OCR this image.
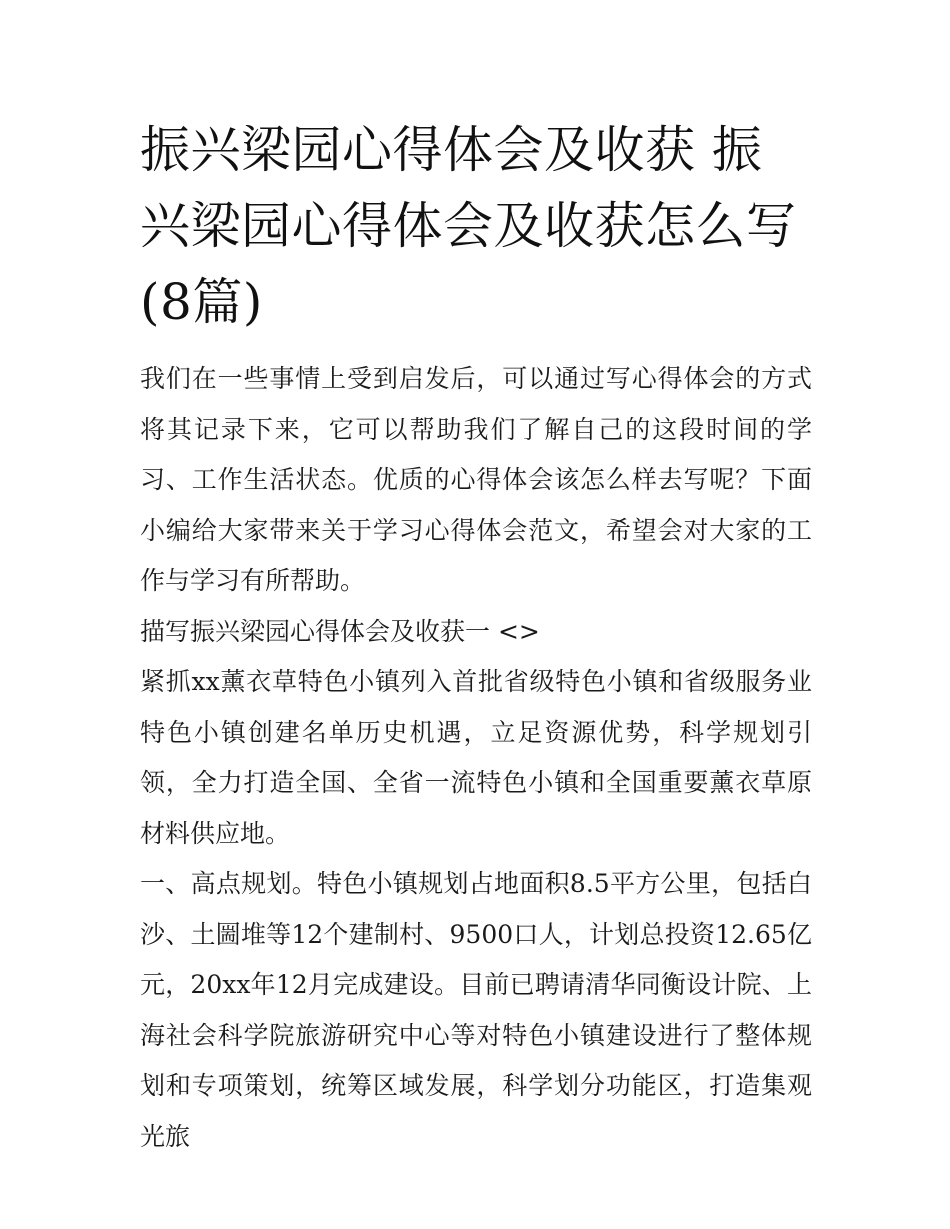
振兴梁园心得体会及收获 振兴梁园心得体会及收获怎么写(8篇)

我们在一些事情上受到启发后，可以通过写心得体会的方式将其记录下来，它可以帮助我们了解自己的这段时间的学习、工作生活状态。优质的心得体会该怎么样去写呢？下面小编给大家带来关于学习心得体会范文，希望会对大家的工作与学习有所帮助。

描写振兴梁园心得体会及收获一 <>

紧抓xx薰衣草特色小镇列入首批省级特色小镇和省级服务业特色小镇创建名单历史机遇，立足资源优势，科学规划引领，全力打造全国、全省一流特色小镇和全国重要薰衣草原材料供应地。

一、高点规划。特色小镇规划占地面积8.5平方公里，包括白沙、土圌堆等12个建制村、9500口人，计划总投资12.65亿元，20xx年12月完成建设。目前已聘请清华同衡设计院、上海社会科学院旅游研究中心等对特色小镇建设进行了整体规划和专项策划，统筹区域发展，科学划分功能区，打造集观光旅
